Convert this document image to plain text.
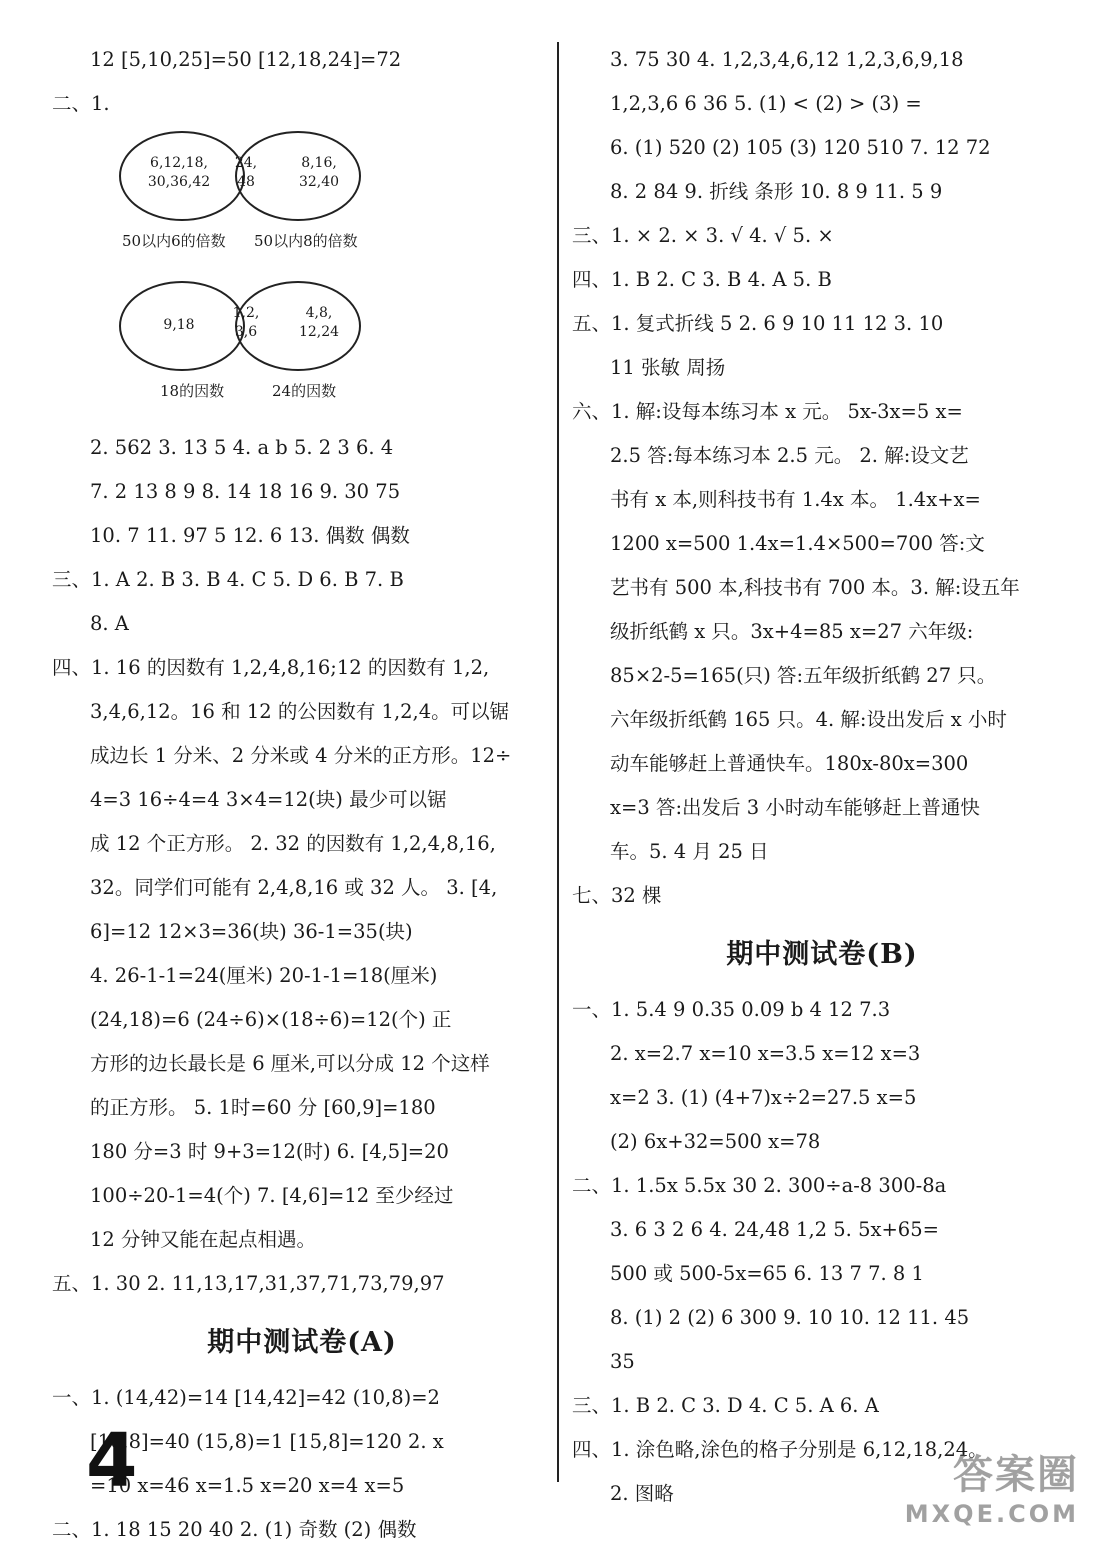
12 [5,10,25]=50 [12,18,24]=72
二、1.
6,12,18,
30,36,42
24,
48
8,16,
32,40
50以内6的倍数 50以内8的倍数
9,18
1,2,
3,6
4,8,
12,24
18的因数	24的因数
2. 562 3. 13 5 4. a b 5. 2 3 6. 4
7. 2 13 8 9 8. 14 18 16 9. 30 75
10. 7 11. 97 5 12. 6 13. 偶数 偶数
三、1. A 2. B 3. B 4. C 5. D 6. B 7. B
8. A
四、1. 16 的因数有 1,2,4,8,16;12 的因数有 1,2,
3,4,6,12。16 和 12 的公因数有 1,2,4。可以锯
成边长 1 分米、2 分米或 4 分米的正方形。12÷
4=3 16÷4=4 3×4=12(块) 最少可以锯
成 12 个正方形。 2. 32 的因数有 1,2,4,8,16,
32。同学们可能有 2,4,8,16 或 32 人。 3. [4,
6]=12 12×3=36(块) 36-1=35(块)
4. 26-1-1=24(厘米) 20-1-1=18(厘米)
(24,18)=6 (24÷6)×(18÷6)=12(个) 正
方形的边长最长是 6 厘米,可以分成 12 个这样
的正方形。 5. 1时=60 分 [60,9]=180
180 分=3 时 9+3=12(时) 6. [4,5]=20
100÷20-1=4(个) 7. [4,6]=12 至少经过
12 分钟又能在起点相遇。
五、1. 30 2. 11,13,17,31,37,71,73,79,97
期中测试卷(A)
一、1. (14,42)=14 [14,42]=42 (10,8)=2
[10,8]=40 (15,8)=1 [15,8]=120 2. x
=10 x=46 x=1.5 x=20 x=4 x=5
二、1. 18 15 20 40 2. (1) 奇数 (2) 偶数
3. 75 30 4. 1,2,3,4,6,12 1,2,3,6,9,18
1,2,3,6 6 36 5. (1) < (2) > (3) =
6. (1) 520 (2) 105 (3) 120 510 7. 12 72
8. 2 84 9. 折线 条形 10. 8 9 11. 5 9
三、1. × 2. × 3. √ 4. √ 5. ×
四、1. B 2. C 3. B 4. A 5. B
五、1. 复式折线 5 2. 6 9 10 11 12 3. 10
11 张敏 周扬
六、1. 解:设每本练习本 x 元。 5x-3x=5 x=
2.5 答:每本练习本 2.5 元。 2. 解:设文艺
书有 x 本,则科技书有 1.4x 本。 1.4x+x=
1200 x=500 1.4x=1.4×500=700 答:文
艺书有 500 本,科技书有 700 本。3. 解:设五年
级折纸鹤 x 只。3x+4=85 x=27 六年级:
85×2-5=165(只) 答:五年级折纸鹤 27 只。
六年级折纸鹤 165 只。4. 解:设出发后 x 小时
动车能够赶上普通快车。180x-80x=300
x=3 答:出发后 3 小时动车能够赶上普通快
车。5. 4 月 25 日
七、32 棵
期中测试卷(B)
一、1. 5.4 9 0.35 0.09 b 4 12 7.3
2. x=2.7 x=10 x=3.5 x=12 x=3
x=2 3. (1) (4+7)x÷2=27.5 x=5
(2) 6x+32=500 x=78
二、1. 1.5x 5.5x 30 2. 300÷a-8 300-8a
3. 6 3 2 6 4. 24,48 1,2 5. 5x+65=
500 或 500-5x=65 6. 13 7 7. 8 1
8. (1) 2 (2) 6 300 9. 10 10. 12 11. 45
35
三、1. B 2. C 3. D 4. C 5. A 6. A
四、1. 涂色略,涂色的格子分别是 6,12,18,24。
2. 图略
4	答案圈
MXQE.COM
